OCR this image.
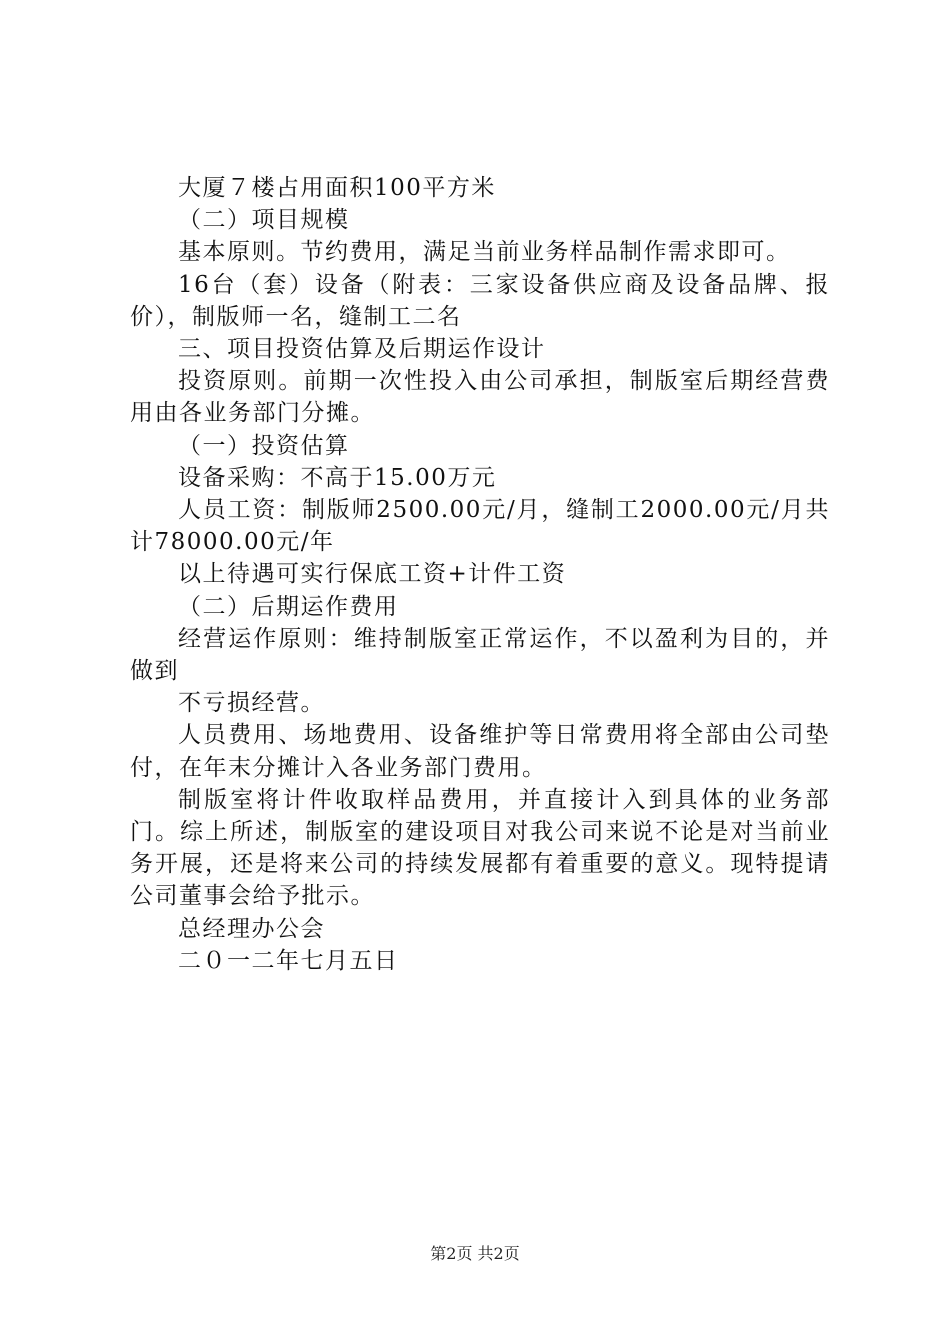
大厦７楼占用面积100平方米

（二）项目规模

基本原则。节约费用，满足当前业务样品制作需求即可。

16台（套）设备（附表：三家设备供应商及设备品牌、报价），制版师一名，缝制工二名

三、项目投资估算及后期运作设计

投资原则。前期一次性投入由公司承担，制版室后期经营费用由各业务部门分摊。

（一）投资估算

设备采购：不高于15.00万元

人员工资：制版师2500.00元/月，缝制工2000.00元/月共计78000.00元/年

以上待遇可实行保底工资+计件工资

（二）后期运作费用

经营运作原则：维持制版室正常运作，不以盈利为目的，并做到

不亏损经营。

人员费用、场地费用、设备维护等日常费用将全部由公司垫付，在年末分摊计入各业务部门费用。

制版室将计件收取样品费用，并直接计入到具体的业务部门。综上所述，制版室的建设项目对我公司来说不论是对当前业务开展，还是将来公司的持续发展都有着重要的意义。现特提请公司董事会给予批示。

总经理办公会

二０一二年七月五日

第2页 共2页
